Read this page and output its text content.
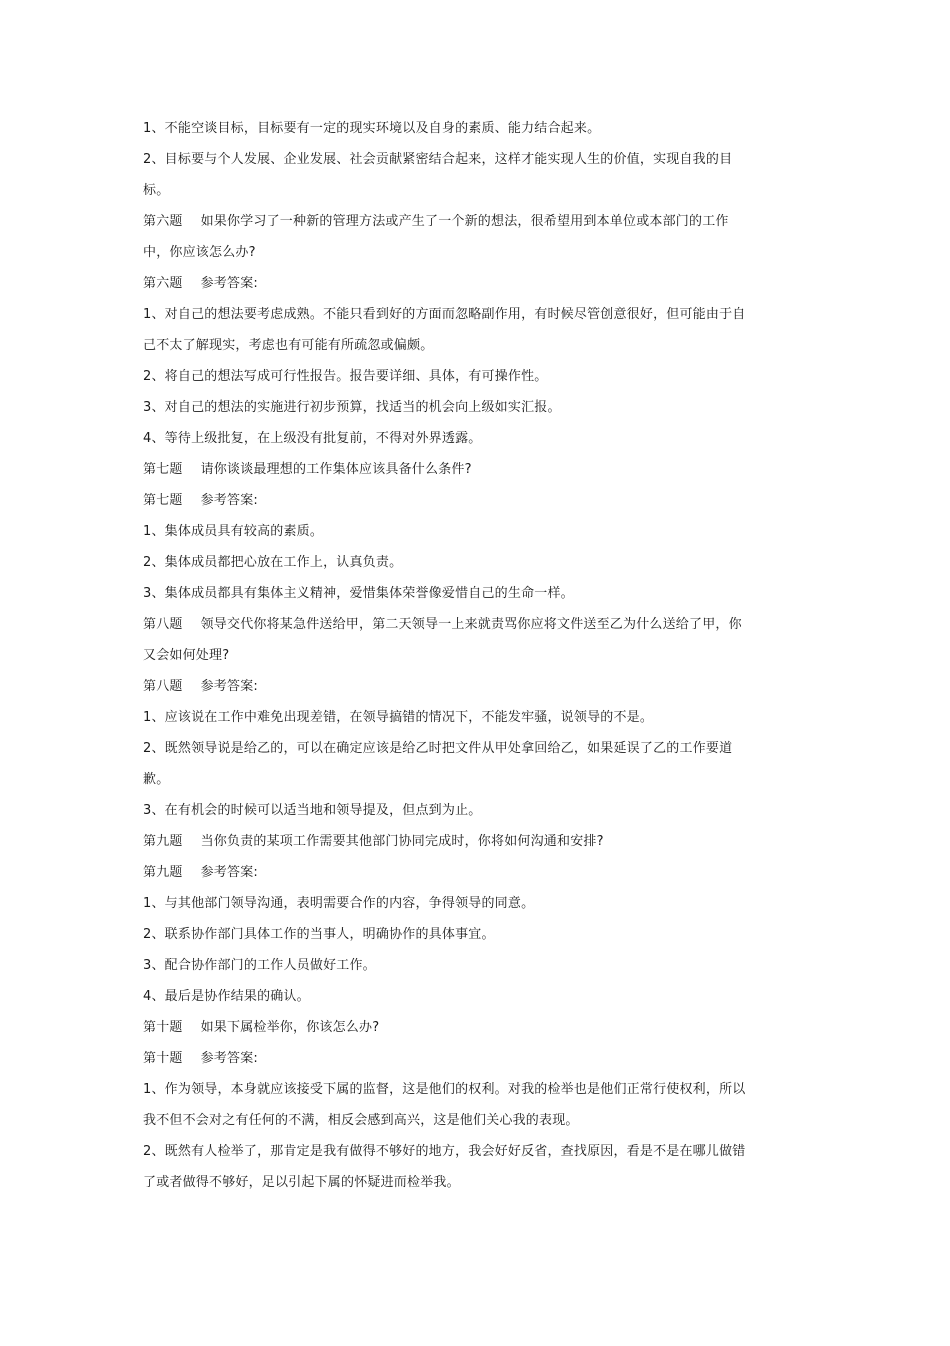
1、不能空谈目标，目标要有一定的现实环境以及自身的素质、能力结合起来。

2、目标要与个人发展、企业发展、社会贡献紧密结合起来，这样才能实现人生的价值，实现自我的目标。

第六题 如果你学习了一种新的管理方法或产生了一个新的想法，很希望用到本单位或本部门的工作中，你应该怎么办?

第六题 参考答案:

1、对自己的想法要考虑成熟。不能只看到好的方面而忽略副作用，有时候尽管创意很好，但可能由于自己不太了解现实，考虑也有可能有所疏忽或偏颇。

2、将自己的想法写成可行性报告。报告要详细、具体，有可操作性。

3、对自己的想法的实施进行初步预算，找适当的机会向上级如实汇报。

4、等待上级批复，在上级没有批复前，不得对外界透露。

第七题 请你谈谈最理想的工作集体应该具备什么条件?

第七题 参考答案:

1、集体成员具有较高的素质。

2、集体成员都把心放在工作上，认真负责。

3、集体成员都具有集体主义精神，爱惜集体荣誉像爱惜自己的生命一样。

第八题 领导交代你将某急件送给甲，第二天领导一上来就责骂你应将文件送至乙为什么送给了甲，你又会如何处理?

第八题 参考答案:

1、应该说在工作中难免出现差错，在领导搞错的情况下，不能发牢骚，说领导的不是。

2、既然领导说是给乙的，可以在确定应该是给乙时把文件从甲处拿回给乙，如果延误了乙的工作要道歉。

3、在有机会的时候可以适当地和领导提及，但点到为止。

第九题 当你负责的某项工作需要其他部门协同完成时，你将如何沟通和安排?

第九题 参考答案:

1、与其他部门领导沟通，表明需要合作的内容，争得领导的同意。

2、联系协作部门具体工作的当事人，明确协作的具体事宜。

3、配合协作部门的工作人员做好工作。

4、最后是协作结果的确认。

第十题 如果下属检举你，你该怎么办?

第十题 参考答案:

1、作为领导，本身就应该接受下属的监督，这是他们的权利。对我的检举也是他们正常行使权利，所以我不但不会对之有任何的不满，相反会感到高兴，这是他们关心我的表现。

2、既然有人检举了，那肯定是我有做得不够好的地方，我会好好反省，查找原因，看是不是在哪儿做错了或者做得不够好，足以引起下属的怀疑进而检举我。
